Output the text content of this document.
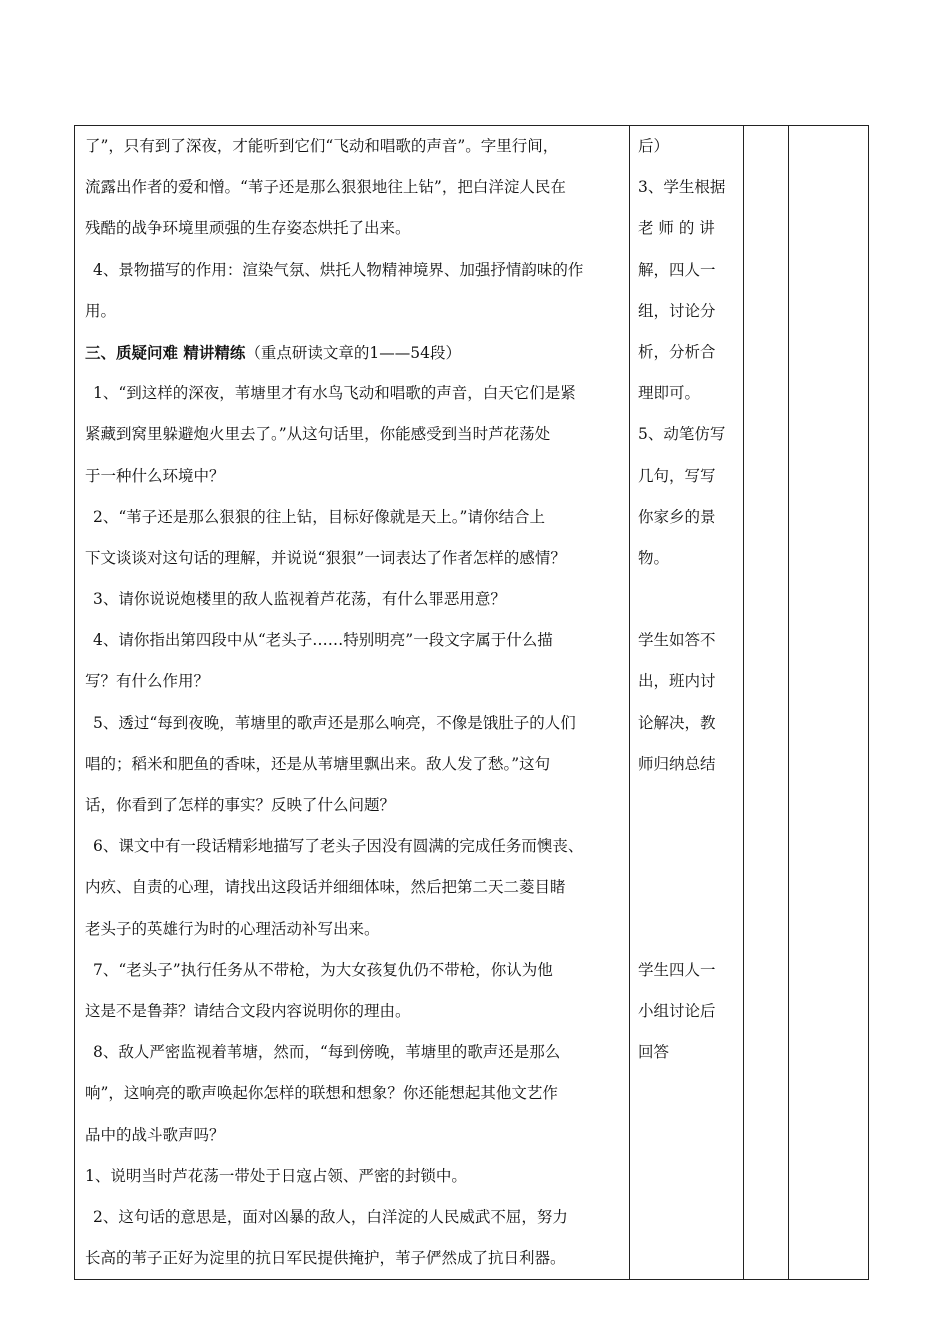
了”，只有到了深夜，才能听到它们“飞动和唱歌的声音”。字里行间，
流露出作者的爱和憎。“苇子还是那么狠狠地往上钻”，把白洋淀人民在
残酷的战争环境里顽强的生存姿态烘托了出来。
4、景物描写的作用：渲染气氛、烘托人物精神境界、加强抒情韵味的作
用。
三、质疑问难 精讲精练（重点研读文章的1——54段）
1、“到这样的深夜，苇塘里才有水鸟飞动和唱歌的声音，白天它们是紧
紧藏到窝里躲避炮火里去了。”从这句话里，你能感受到当时芦花荡处
于一种什么环境中？
2、“苇子还是那么狠狠的往上钻，目标好像就是天上。”请你结合上
下文谈谈对这句话的理解，并说说“狠狠”一词表达了作者怎样的感情？
3、请你说说炮楼里的敌人监视着芦花荡，有什么罪恶用意？
4、请你指出第四段中从“老头子……特别明亮”一段文字属于什么描
写？有什么作用？
5、透过“每到夜晚，苇塘里的歌声还是那么响亮，不像是饿肚子的人们
唱的；稻米和肥鱼的香味，还是从苇塘里飘出来。敌人发了愁。”这句
话，你看到了怎样的事实？反映了什么问题？
6、课文中有一段话精彩地描写了老头子因没有圆满的完成任务而懊丧、
内疚、自责的心理，请找出这段话并细细体味，然后把第二天二菱目睹
老头子的英雄行为时的心理活动补写出来。
7、“老头子”执行任务从不带枪，为大女孩复仇仍不带枪，你认为他
这是不是鲁莽？请结合文段内容说明你的理由。
8、敌人严密监视着苇塘，然而，“每到傍晚，苇塘里的歌声还是那么
响”，这响亮的歌声唤起你怎样的联想和想象？你还能想起其他文艺作
品中的战斗歌声吗？
1、说明当时芦花荡一带处于日寇占领、严密的封锁中。
2、这句话的意思是，面对凶暴的敌人，白洋淀的人民威武不屈，努力
长高的苇子正好为淀里的抗日军民提供掩护，苇子俨然成了抗日利器。

后）
3、学生根据
老 师 的 讲
解，四人一
组，讨论分
析，分析合
理即可。
5、动笔仿写
几句，写写
你家乡的景
物。
学生如答不
出，班内讨
论解决，教
师归纳总结
学生四人一
小组讨论后
回答
